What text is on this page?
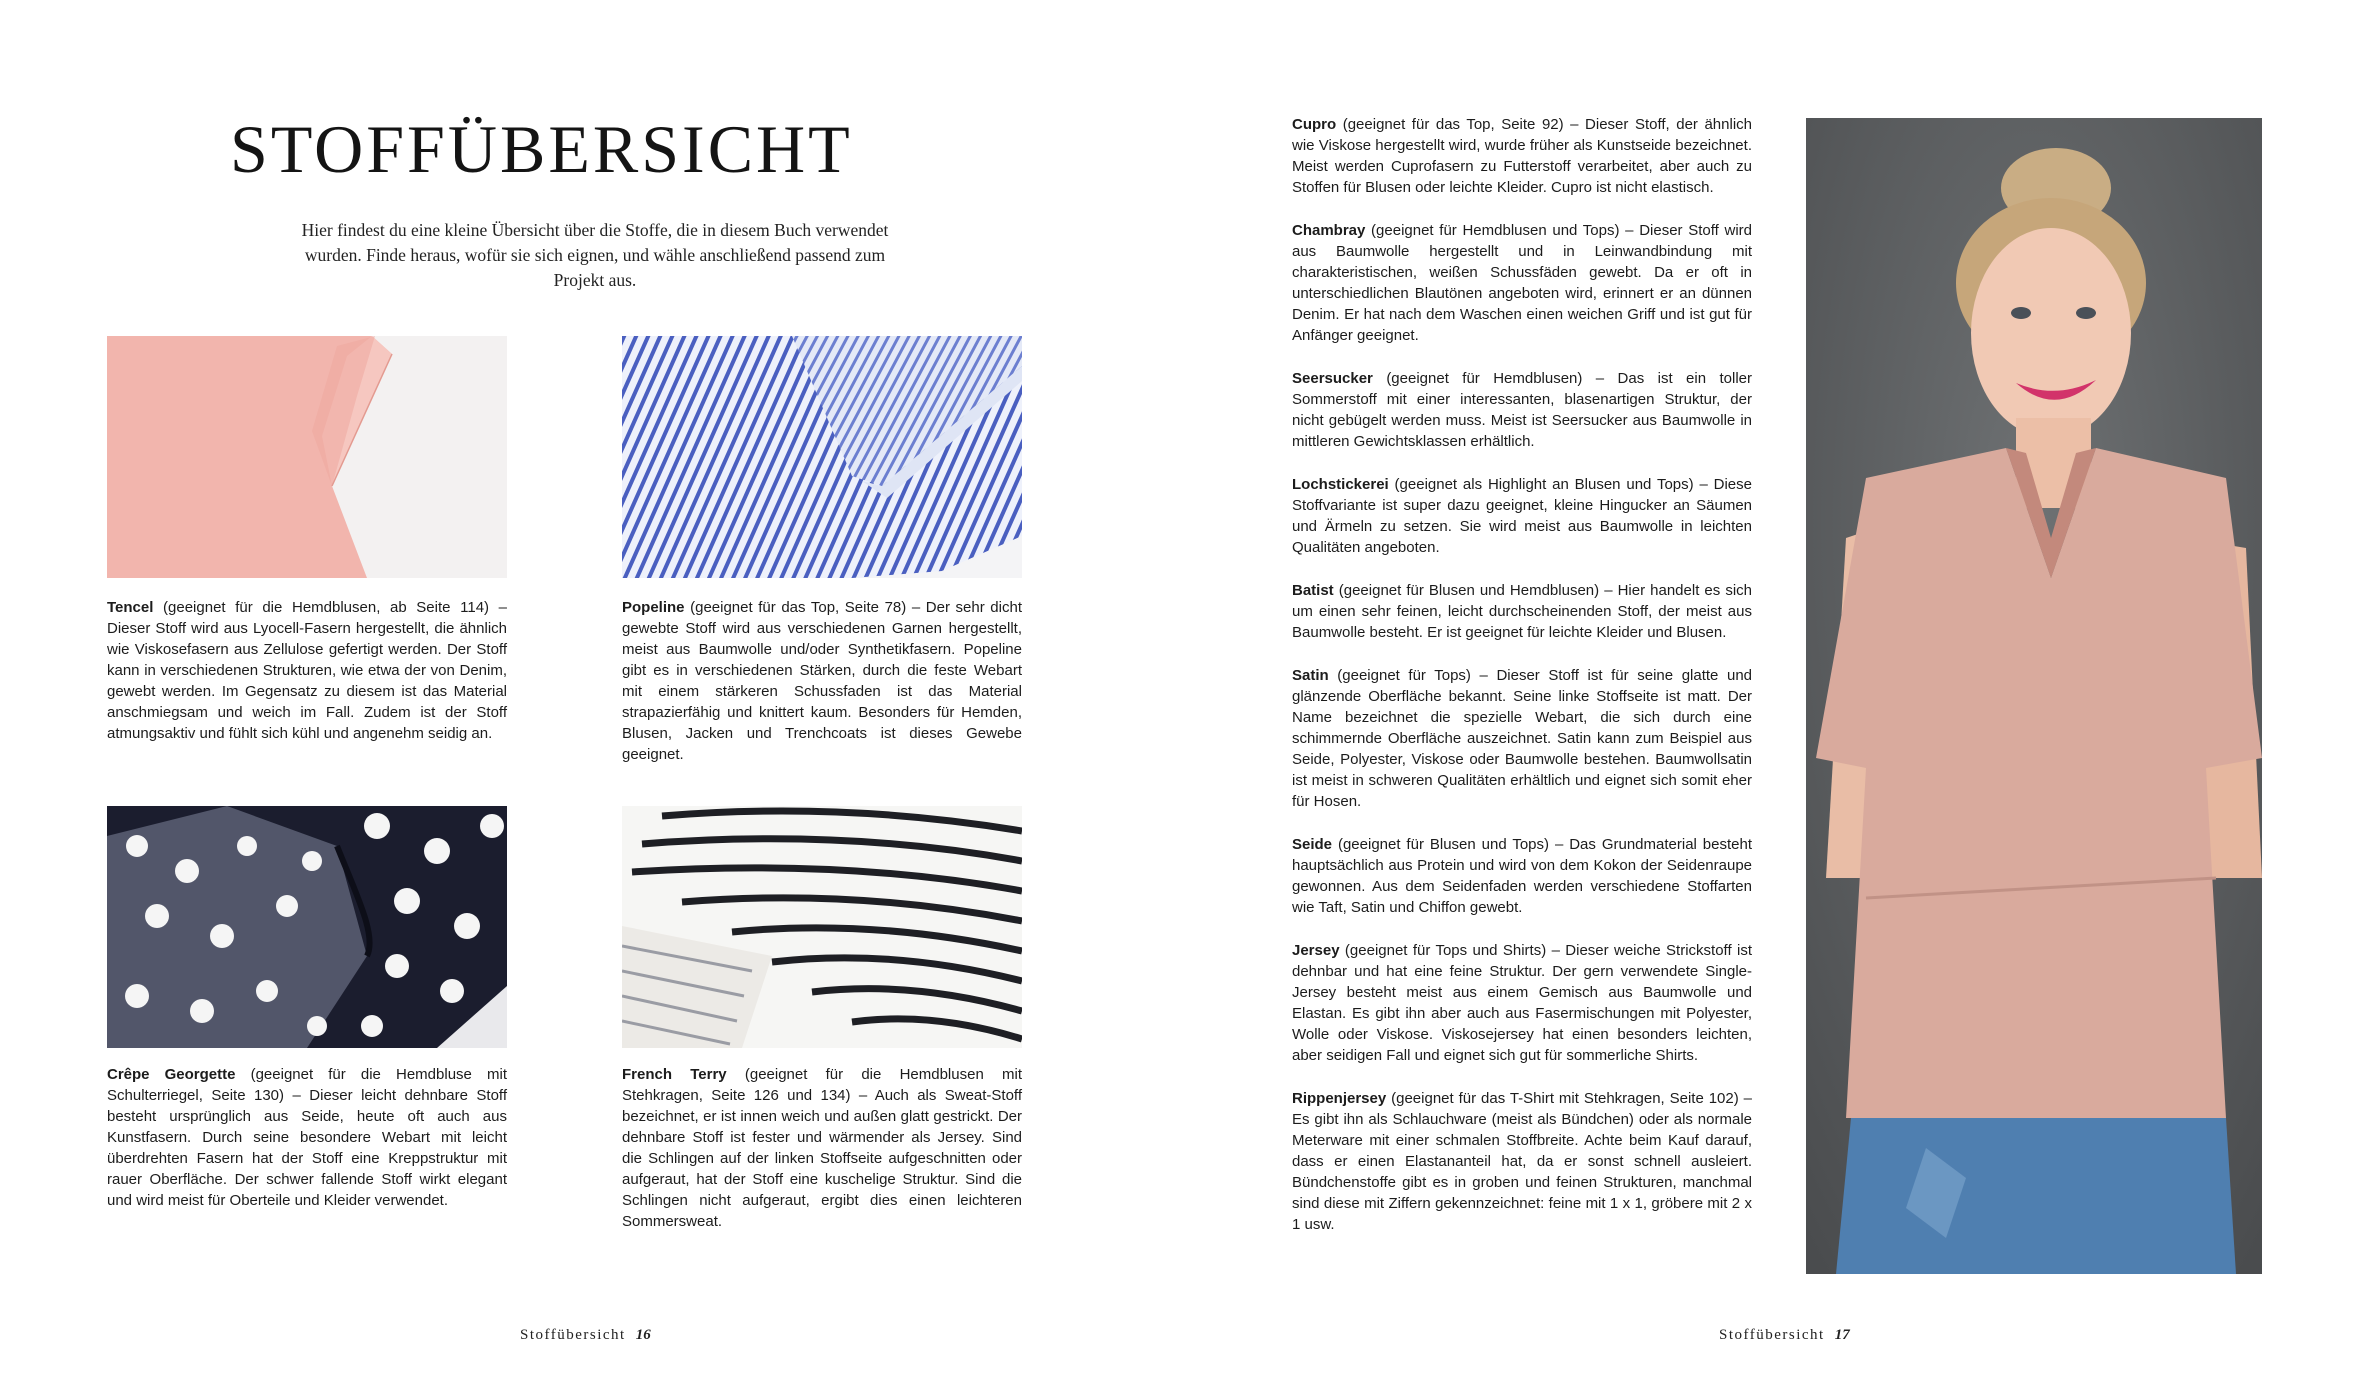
STOFFÜBERSICHT
Hier findest du eine kleine Übersicht über die Stoffe, die in diesem Buch verwendet wurden. Finde heraus, wofür sie sich eignen, und wähle anschließend passend zum Projekt aus.
Tencel (geeignet für die Hemdblusen, ab Seite 114) – Dieser Stoff wird aus Lyocell-Fasern hergestellt, die ähnlich wie Viskosefasern aus Zellulose gefertigt werden. Der Stoff kann in verschiedenen Strukturen, wie etwa der von Denim, gewebt werden. Im Gegensatz zu diesem ist das Material anschmiegsam und weich im Fall. Zudem ist der Stoff atmungsaktiv und fühlt sich kühl und angenehm seidig an.
Popeline (geeignet für das Top, Seite 78) – Der sehr dicht gewebte Stoff wird aus verschiedenen Garnen hergestellt, meist aus Baumwolle und/oder Synthetikfasern. Popeline gibt es in verschiedenen Stärken, durch die feste Webart mit einem stärkeren Schussfaden ist das Material strapazierfähig und knittert kaum. Besonders für Hemden, Blusen, Jacken und Trenchcoats ist dieses Gewebe geeignet.
Crêpe Georgette (geeignet für die Hemdbluse mit Schulterriegel, Seite 130) – Dieser leicht dehnbare Stoff besteht ursprünglich aus Seide, heute oft auch aus Kunstfasern. Durch seine besondere Webart mit leicht überdrehten Fasern hat der Stoff eine Kreppstruktur mit rauer Oberfläche. Der schwer fallende Stoff wirkt elegant und wird meist für Oberteile und Kleider verwendet.
French Terry (geeignet für die Hemdblusen mit Stehkragen, Seite 126 und 134) – Auch als Sweat-Stoff bezeichnet, er ist innen weich und außen glatt gestrickt. Der dehnbare Stoff ist fester und wärmender als Jersey. Sind die Schlingen auf der linken Stoffseite aufgeschnitten oder aufgeraut, hat der Stoff eine kuschelige Struktur. Sind die Schlingen nicht aufgeraut, ergibt dies einen leichteren Sommersweat.
Stoffübersicht 16
Cupro (geeignet für das Top, Seite 92) – Dieser Stoff, der ähnlich wie Viskose hergestellt wird, wurde früher als Kunstseide bezeichnet. Meist werden Cuprofasern zu Futterstoff verarbeitet, aber auch zu Stoffen für Blusen oder leichte Kleider. Cupro ist nicht elastisch.
Chambray (geeignet für Hemdblusen und Tops) – Dieser Stoff wird aus Baumwolle hergestellt und in Leinwandbindung mit charakteristischen, weißen Schussfäden gewebt. Da er oft in unterschiedlichen Blautönen angeboten wird, erinnert er an dünnen Denim. Er hat nach dem Waschen einen weichen Griff und ist gut für Anfänger geeignet.
Seersucker (geeignet für Hemdblusen) – Das ist ein toller Sommerstoff mit einer interessanten, blasenartigen Struktur, der nicht gebügelt werden muss. Meist ist Seersucker aus Baumwolle in mittleren Gewichtsklassen erhältlich.
Lochstickerei (geeignet als Highlight an Blusen und Tops) – Diese Stoffvariante ist super dazu geeignet, kleine Hingucker an Säumen und Ärmeln zu setzen. Sie wird meist aus Baumwolle in leichten Qualitäten angeboten.
Batist (geeignet für Blusen und Hemdblusen) – Hier handelt es sich um einen sehr feinen, leicht durchscheinenden Stoff, der meist aus Baumwolle besteht. Er ist geeignet für leichte Kleider und Blusen.
Satin (geeignet für Tops) – Dieser Stoff ist für seine glatte und glänzende Oberfläche bekannt. Seine linke Stoffseite ist matt. Der Name bezeichnet die spezielle Webart, die sich durch eine schimmernde Oberfläche auszeichnet. Satin kann zum Beispiel aus Seide, Polyester, Viskose oder Baumwolle bestehen. Baumwollsatin ist meist in schweren Qualitäten erhältlich und eignet sich somit eher für Hosen.
Seide (geeignet für Blusen und Tops) – Das Grundmaterial besteht hauptsächlich aus Protein und wird von dem Kokon der Seidenraupe gewonnen. Aus dem Seidenfaden werden verschiedene Stoffarten wie Taft, Satin und Chiffon gewebt.
Jersey (geeignet für Tops und Shirts) – Dieser weiche Strickstoff ist dehnbar und hat eine feine Struktur. Der gern verwendete Single-Jersey besteht meist aus einem Gemisch aus Baumwolle und Elastan. Es gibt ihn aber auch aus Fasermischungen mit Polyester, Wolle oder Viskose. Viskosejersey hat einen besonders leichten, aber seidigen Fall und eignet sich gut für sommerliche Shirts.
Rippenjersey (geeignet für das T-Shirt mit Stehkragen, Seite 102) – Es gibt ihn als Schlauchware (meist als Bündchen) oder als normale Meterware mit einer schmalen Stoffbreite. Achte beim Kauf darauf, dass er einen Elastananteil hat, da er sonst schnell ausleiert. Bündchenstoffe gibt es in groben und feinen Strukturen, manchmal sind diese mit Ziffern gekennzeichnet: feine mit 1 x 1, gröbere mit 2 x 1 usw.
Stoffübersicht 17
